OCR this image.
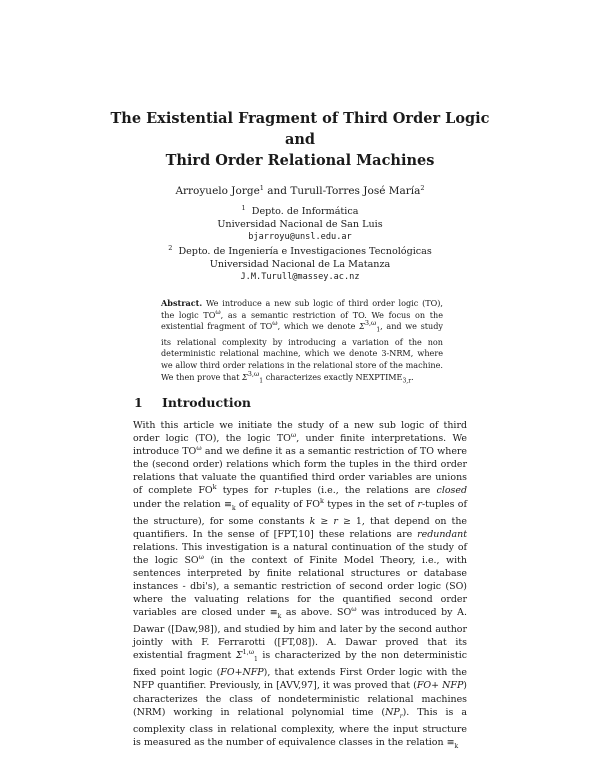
The Existential Fragment of Third Order Logic
and
Third Order Relational Machines
Arroyuelo Jorge$^1$ and Turull-Torres José María$^2$
$^1$ Depto. de Informática
Universidad Nacional de San Luis
bjarroyu@unsl.edu.ar
$^2$ Depto. de Ingeniería e Investigaciones Tecnológicas
Universidad Nacional de La Matanza
J.M.Turull@massey.ac.nz
Abstract. We introduce a new sub logic of third order logic (TO), the logic $TO^\omega$, as a semantic restriction of TO. We focus on the existential fragment of $TO^\omega$, which we denote $\Sigma^{3,\omega}_1$, and we study its relational complexity by introducing a variation of the non deterministic relational machine, which we denote 3-NRM, where we allow third order relations in the relational store of the machine. We then prove that $\Sigma^{3,\omega}_1$ characterizes exactly $NEXPTIME_{3,r}$.
1 Introduction

With this article we initiate the study of a new sub logic of third order logic (TO), the logic $TO^\omega$, under finite interpretations. We introduce $TO^\omega$ and we define it as a semantic restriction of TO where the (second order) relations which form the tuples in the third order relations that valuate the quantified third order variables are unions of complete $FO^k$ types for r-tuples (i.e., the relations are closed under the relation $\equiv_k$ of equality of $FO^k$ types in the set of r-tuples of the structure), for some constants k ≥ r ≥ 1, that depend on the quantifiers. In the sense of [FPT,10] these relations are redundant relations. This investigation is a natural continuation of the study of the logic $SO^\omega$ (in the context of Finite Model Theory, i.e., with sentences interpreted by finite relational structures or database instances - dbi's), a semantic restriction of second order logic (SO) where the valuating relations for the quantified second order variables are closed under $\equiv_k$ as above. $SO^\omega$ was introduced by A. Dawar ([Daw,98]), and studied by him and later by the second author jointly with F. Ferrarotti ([FT,08]). A. Dawar proved that its existential fragment $\Sigma^{1,\omega}_1$ is characterized by the non deterministic fixed point logic (FO+NFP), that extends First Order logic with the NFP quantifier. Previously, in [AVV,97], it was proved that (FO+ NFP) characterizes the class of nondeterministic relational machines (NRM) working in relational polynomial time $(NP_r)$. This is a complexity class in relational complexity, where the input structure is measured as the number of equivalence classes in the relation $\equiv_k$
